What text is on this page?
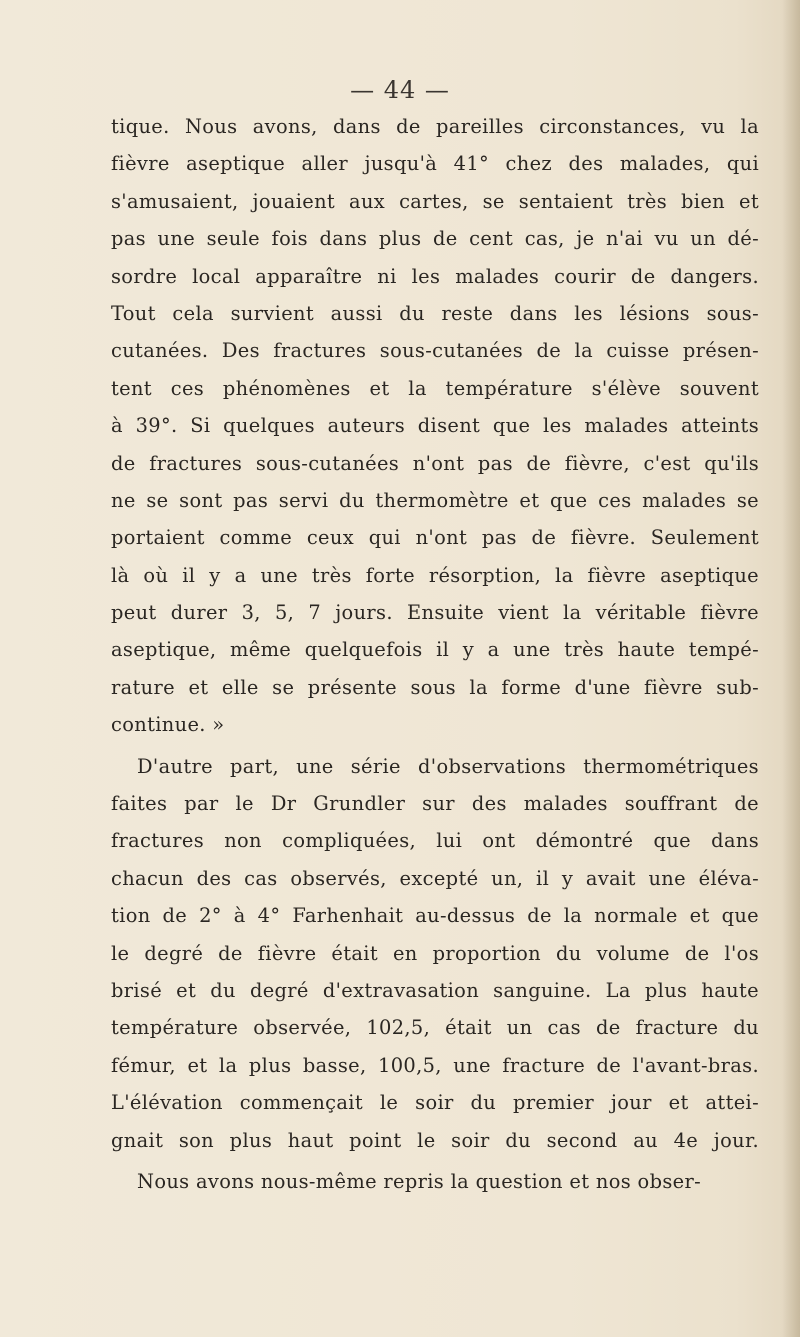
— 44 —
tique. Nous avons, dans de pareilles circonstances, vu la
fièvre aseptique aller jusqu'à 41° chez des malades, qui
s'amusaient, jouaient aux cartes, se sentaient très bien et
pas une seule fois dans plus de cent cas, je n'ai vu un dé-
sordre local apparaître ni les malades courir de dangers.
Tout cela survient aussi du reste dans les lésions sous-
cutanées. Des fractures sous-cutanées de la cuisse présen-
tent ces phénomènes et la température s'élève souvent
à 39°. Si quelques auteurs disent que les malades atteints
de fractures sous-cutanées n'ont pas de fièvre, c'est qu'ils
ne se sont pas servi du thermomètre et que ces malades se
portaient comme ceux qui n'ont pas de fièvre. Seulement
là où il y a une très forte résorption, la fièvre aseptique
peut durer 3, 5, 7 jours. Ensuite vient la véritable fièvre
aseptique, même quelquefois il y a une très haute tempé-
rature et elle se présente sous la forme d'une fièvre sub-
continue. »
D'autre part, une série d'observations thermométriques
faites par le Dr Grundler sur des malades souffrant de
fractures non compliquées, lui ont démontré que dans
chacun des cas observés, excepté un, il y avait une éléva-
tion de 2° à 4° Farhenhait au-dessus de la normale et que
le degré de fièvre était en proportion du volume de l'os
brisé et du degré d'extravasation sanguine. La plus haute
température observée, 102,5, était un cas de fracture du
fémur, et la plus basse, 100,5, une fracture de l'avant-bras.
L'élévation commençait le soir du premier jour et attei-
gnait son plus haut point le soir du second au 4e jour.
Nous avons nous-même repris la question et nos obser-
